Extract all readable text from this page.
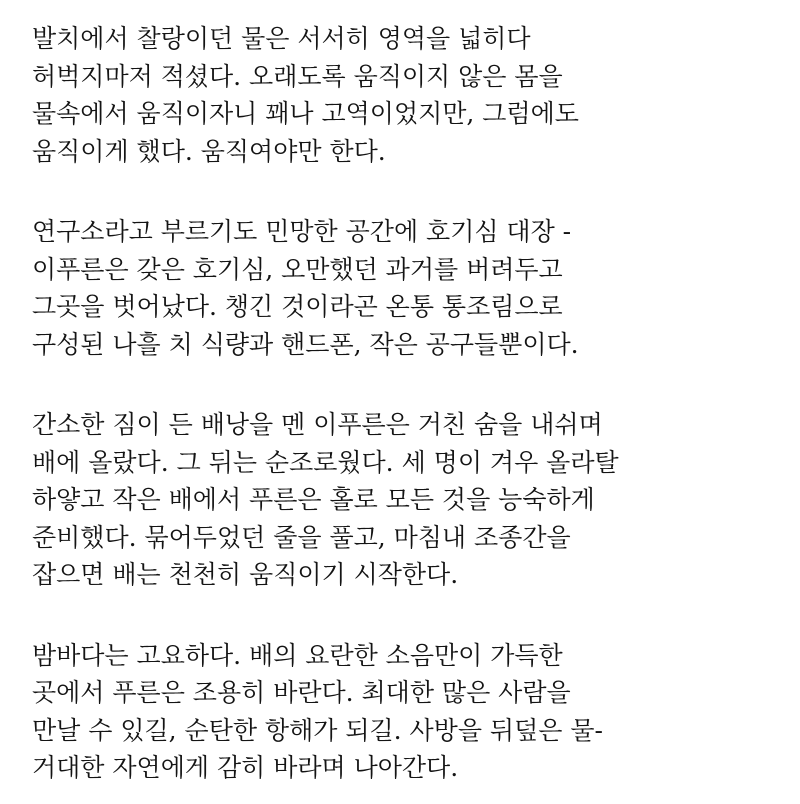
발치에서 찰랑이던 물은 서서히 영역을 넓히다
허벅지마저 적셨다. 오래도록 움직이지 않은 몸을
물속에서 움직이자니 꽤나 고역이었지만, 그럼에도
움직이게 했다. 움직여야만 한다.
연구소라고 부르기도 민망한 공간에 호기심 대장 -
이푸른은 갖은 호기심, 오만했던 과거를 버려두고
그곳을 벗어났다. 챙긴 것이라곤 온통 통조림으로
구성된 나흘 치 식량과 핸드폰, 작은 공구들뿐이다.
간소한 짐이 든 배낭을 멘 이푸른은 거친 숨을 내쉬며
배에 올랐다. 그 뒤는 순조로웠다. 세 명이 겨우 올라탈
하얗고 작은 배에서 푸른은 홀로 모든 것을 능숙하게
준비했다. 묶어두었던 줄을 풀고, 마침내 조종간을
잡으면 배는 천천히 움직이기 시작한다.
밤바다는 고요하다. 배의 요란한 소음만이 가득한
곳에서 푸른은 조용히 바란다. 최대한 많은 사람을
만날 수 있길, 순탄한 항해가 되길. 사방을 뒤덮은 물-
거대한 자연에게 감히 바라며 나아간다.
